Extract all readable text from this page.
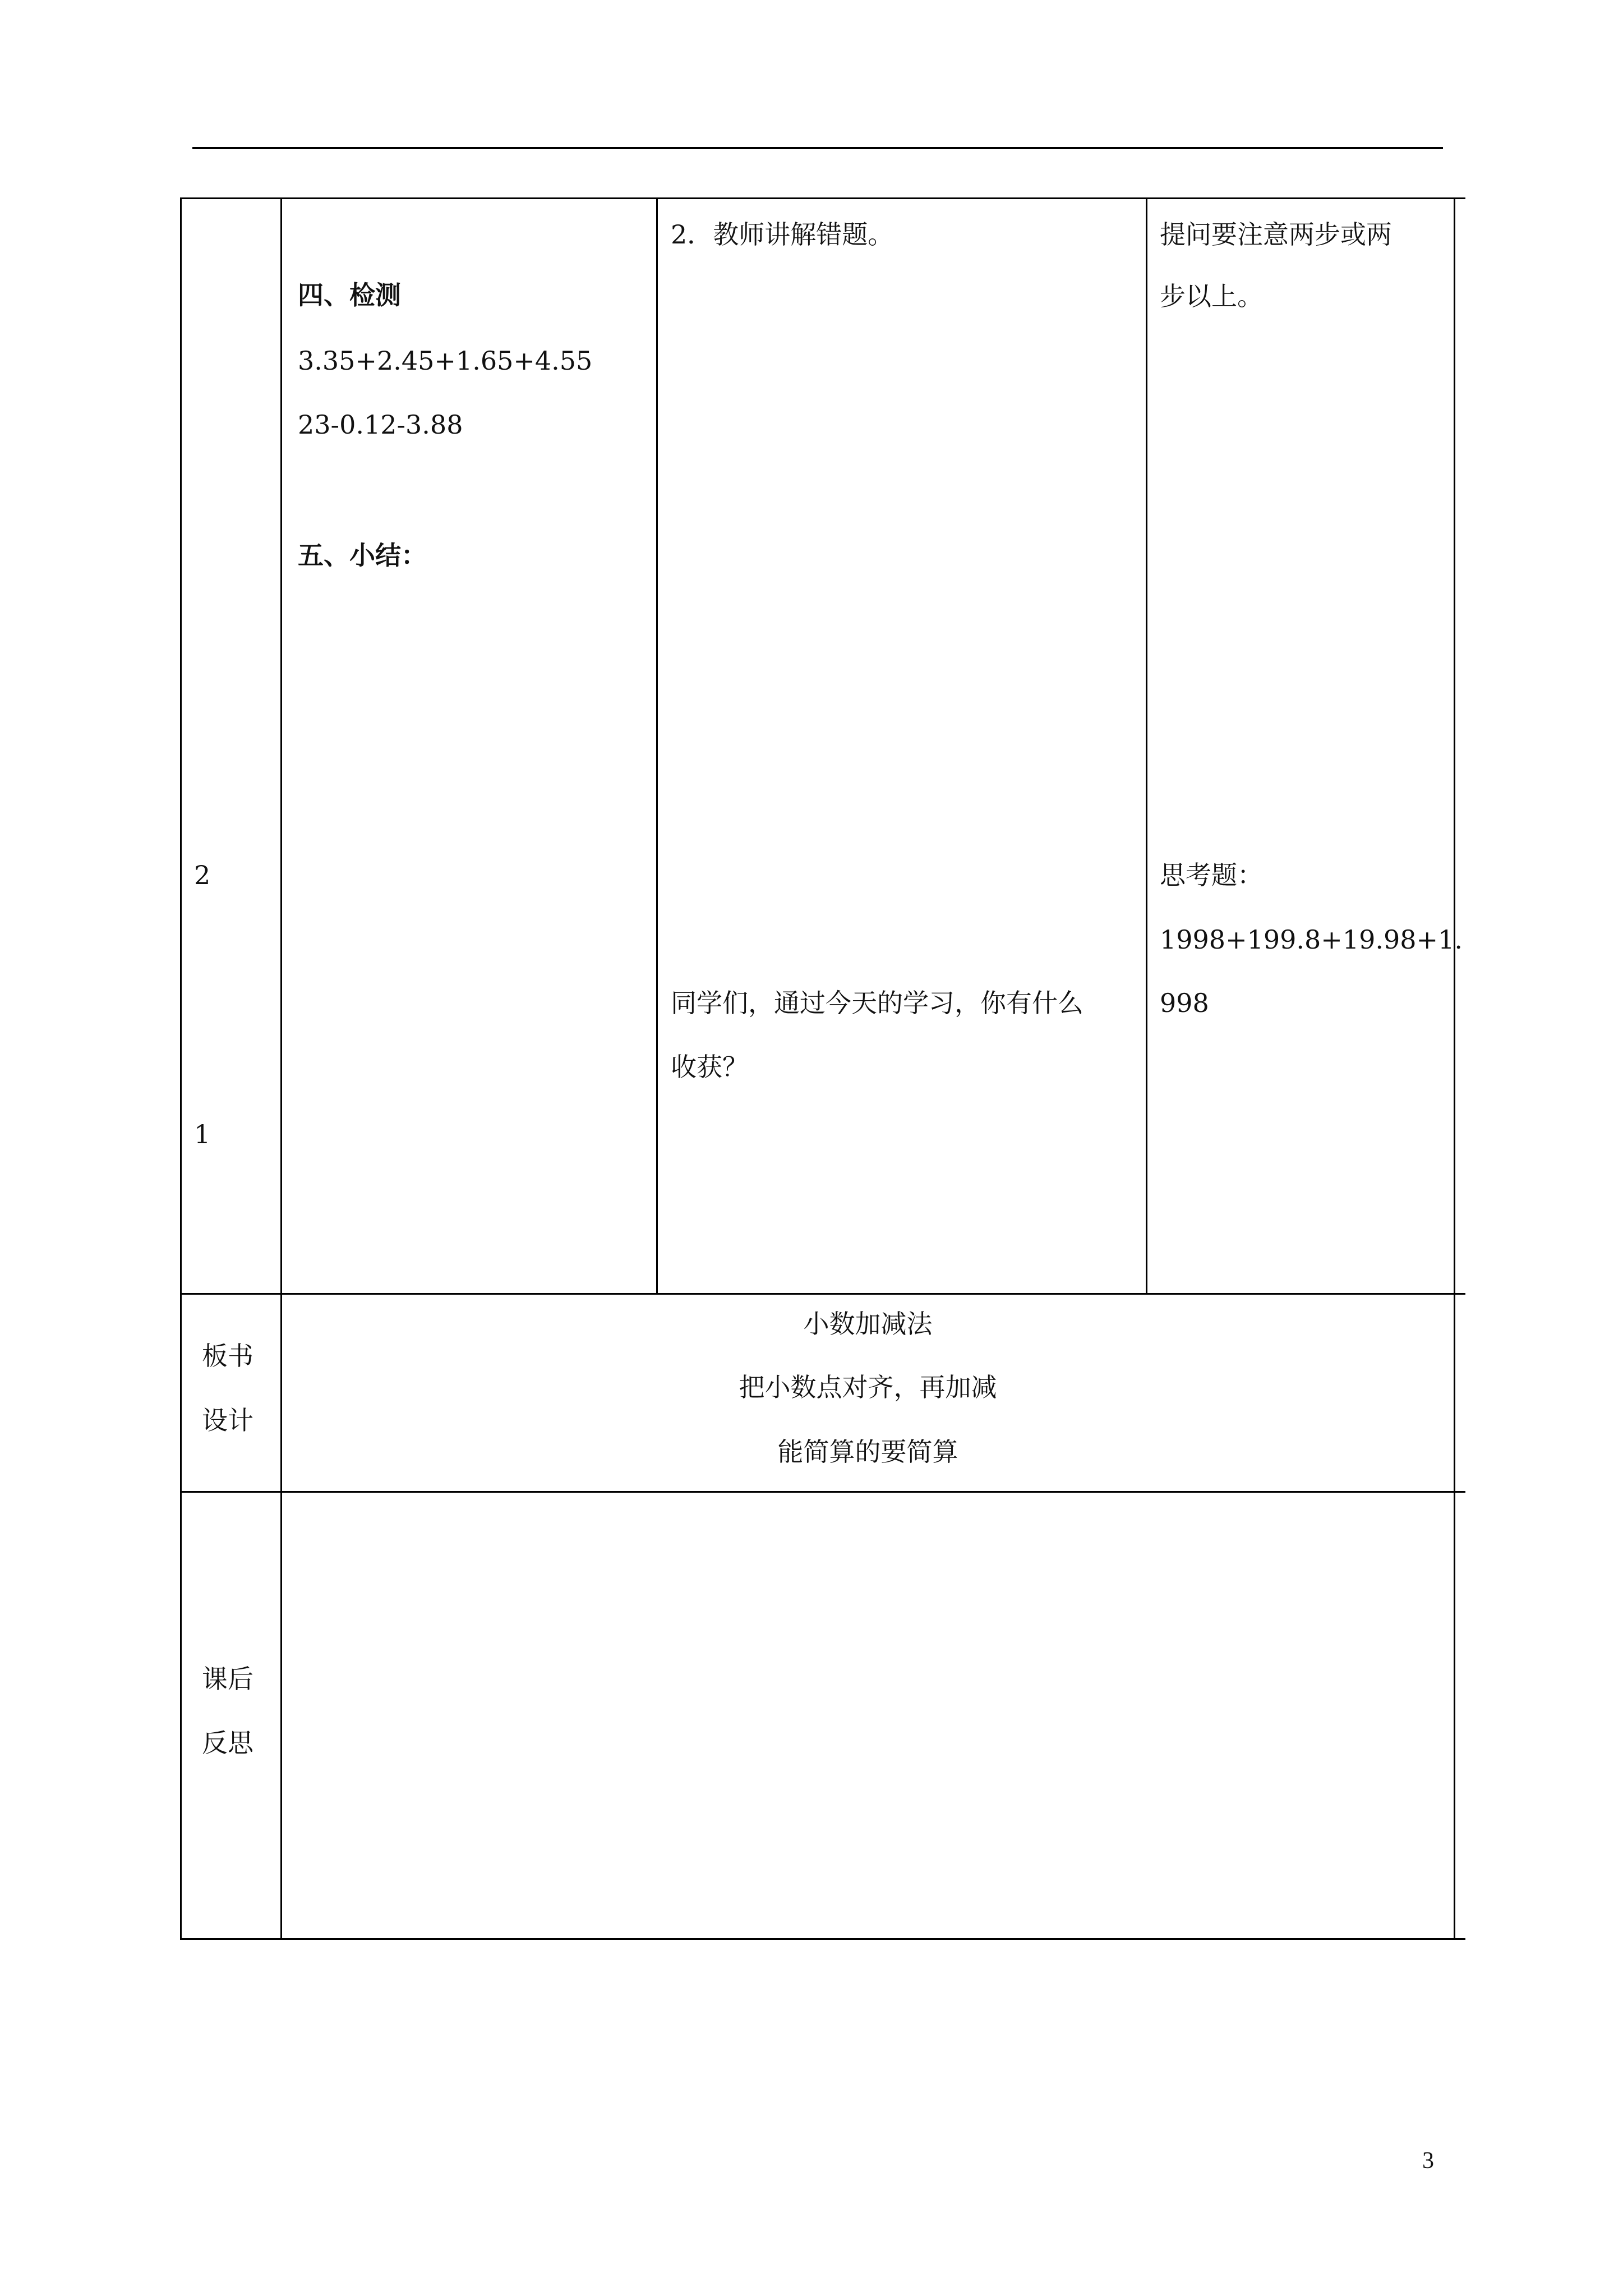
2
1
四、检测
3.35+2.45+1.65+4.55
23-0.12-3.88
五、小结：
2．教师讲解错题。
同学们，通过今天的学习，你有什么
收获？
提问要注意两步或两
步以上。
思考题：
1998+199.8+19.98+1.
998
板书
设计
小数加减法
把小数点对齐，再加减
能简算的要简算
课后
反思
3
